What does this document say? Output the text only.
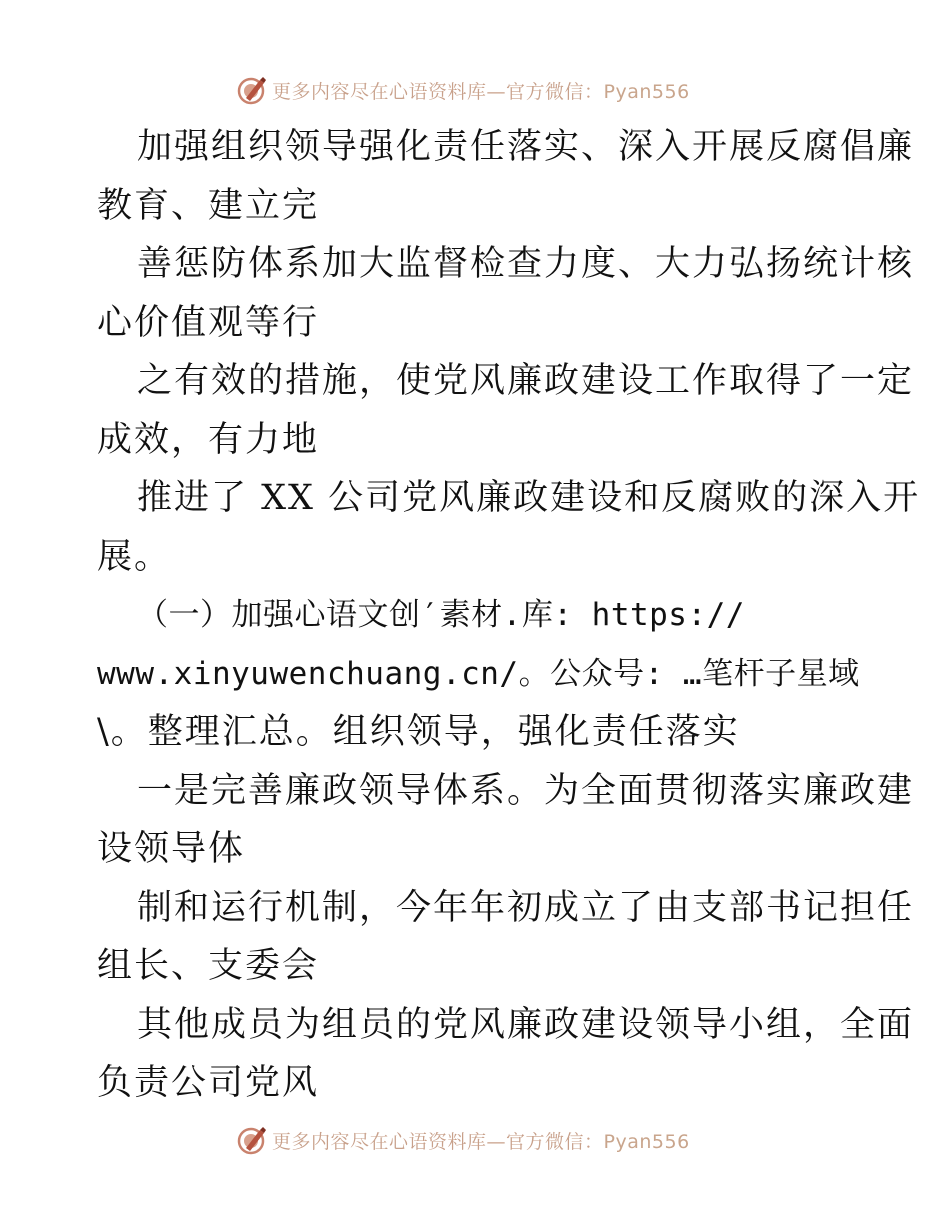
更多内容尽在心语资料库—官方微信：Pyan556
加强组织领导强化责任落实、深入开展反腐倡廉
教育、建立完
善惩防体系加大监督检查力度、大力弘扬统计核
心价值观等行
之有效的措施，使党风廉政建设工作取得了一定
成效，有力地
推进了 XX 公司党风廉政建设和反腐败的深入开
展。
（一）加强心语文创′素材.库: https://
www.xinyuwenchuang.cn/。公众号: …笔杆子星域
\。整理汇总。组织领导，强化责任落实
一是完善廉政领导体系。为全面贯彻落实廉政建
设领导体
制和运行机制，今年年初成立了由支部书记担任
组长、支委会
其他成员为组员的党风廉政建设领导小组，全面
负责公司党风
更多内容尽在心语资料库—官方微信：Pyan556
